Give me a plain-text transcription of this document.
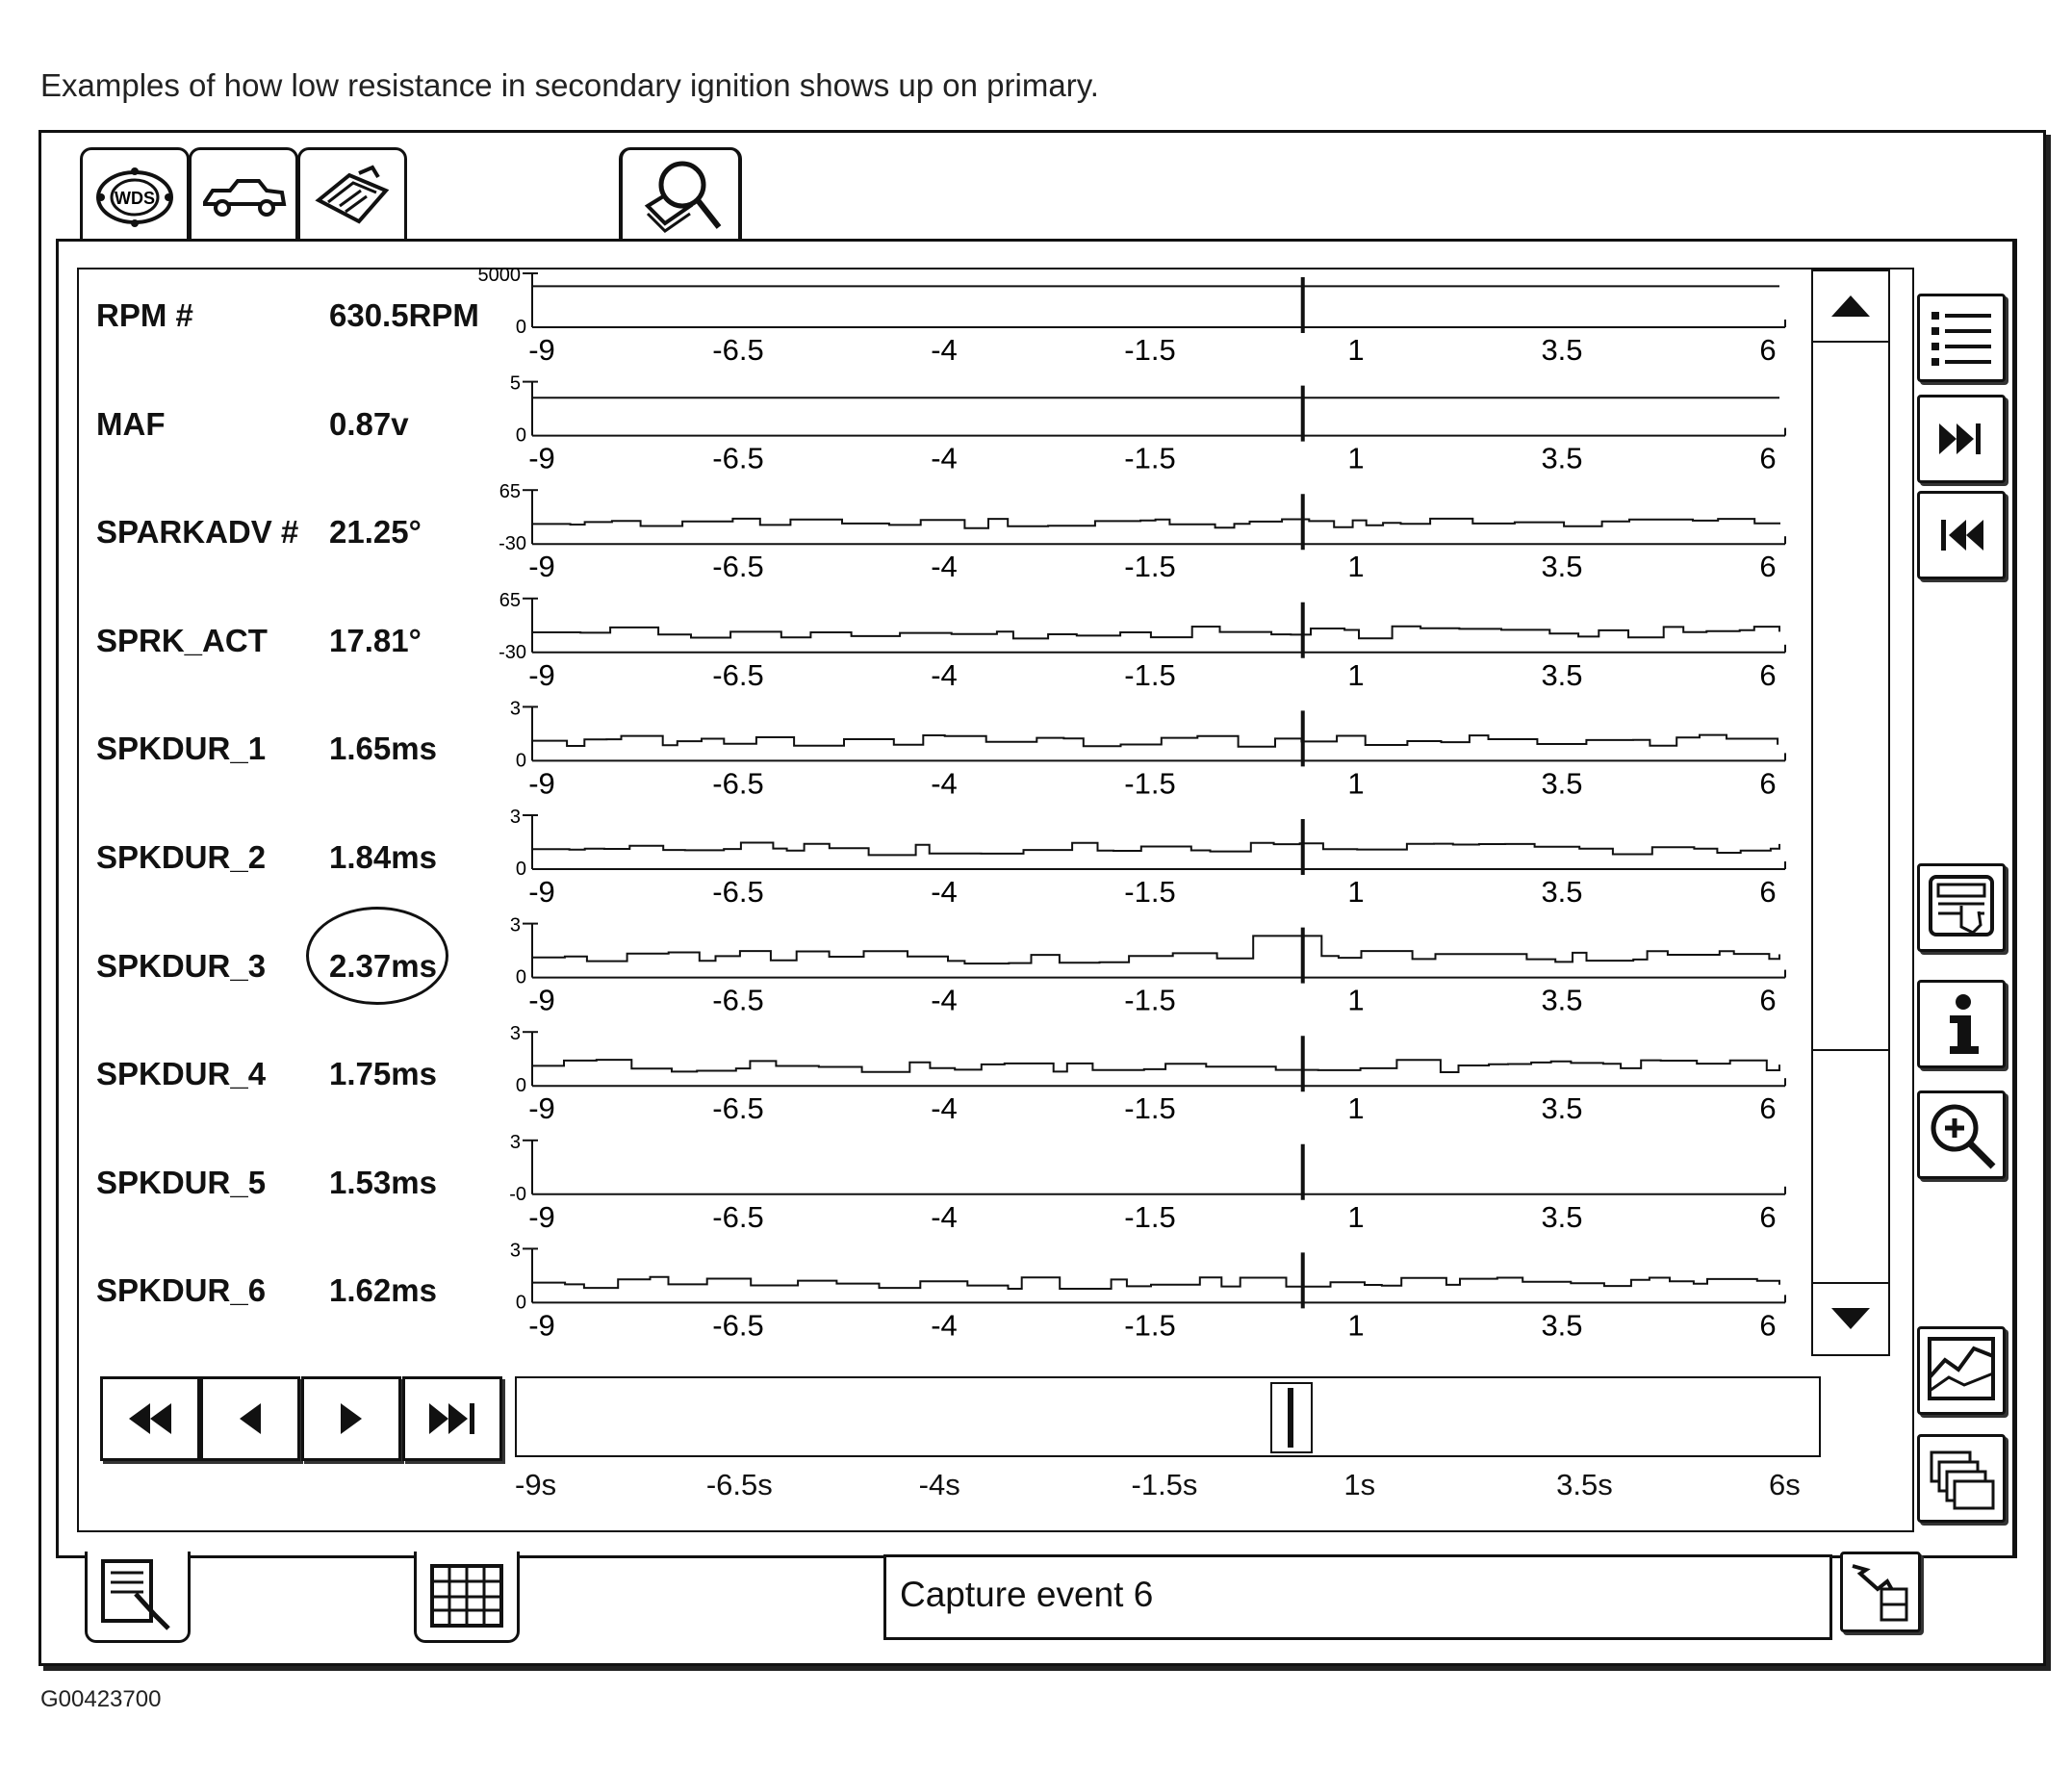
Examples of how low resistance in secondary ignition shows up on primary.
WDS
RPM #	630.5RPM
MAF	0.87v
SPARKADV # 21.25°
SPRK_ACT 17.81°
SPKDUR_1 1.65ms
SPKDUR_2 1.84ms
SPKDUR_3 2.37ms
SPKDUR_4 1.75ms
SPKDUR_5 1.53ms
SPKDUR_6 1.62ms
5000
0
-9	-6.5	-4	-1.5	1	3.5	6
5
0
-9	-6.5	-4	-1.5	1	3.5	6
65
-30
-9	-6.5	-4	-1.5	1	3.5	6
65
-30
-9	-6.5	-4	-1.5	1	3.5	6
3
0
-9	-6.5	-4	-1.5	1	3.5	6
3
0
-9	-6.5	-4	-1.5	1	3.5	6
3
0
-9	-6.5	-4	-1.5	1	3.5	6
3
0
-9	-6.5	-4	-1.5	1	3.5	6
3
-0
-9	-6.5	-4	-1.5	1	3.5	6
3
0
-9	-6.5	-4	-1.5	1	3.5	6
-9s	-6.5s	-4s	-1.5s	1s	3.5s	6s
Capture event 6
G00423700
